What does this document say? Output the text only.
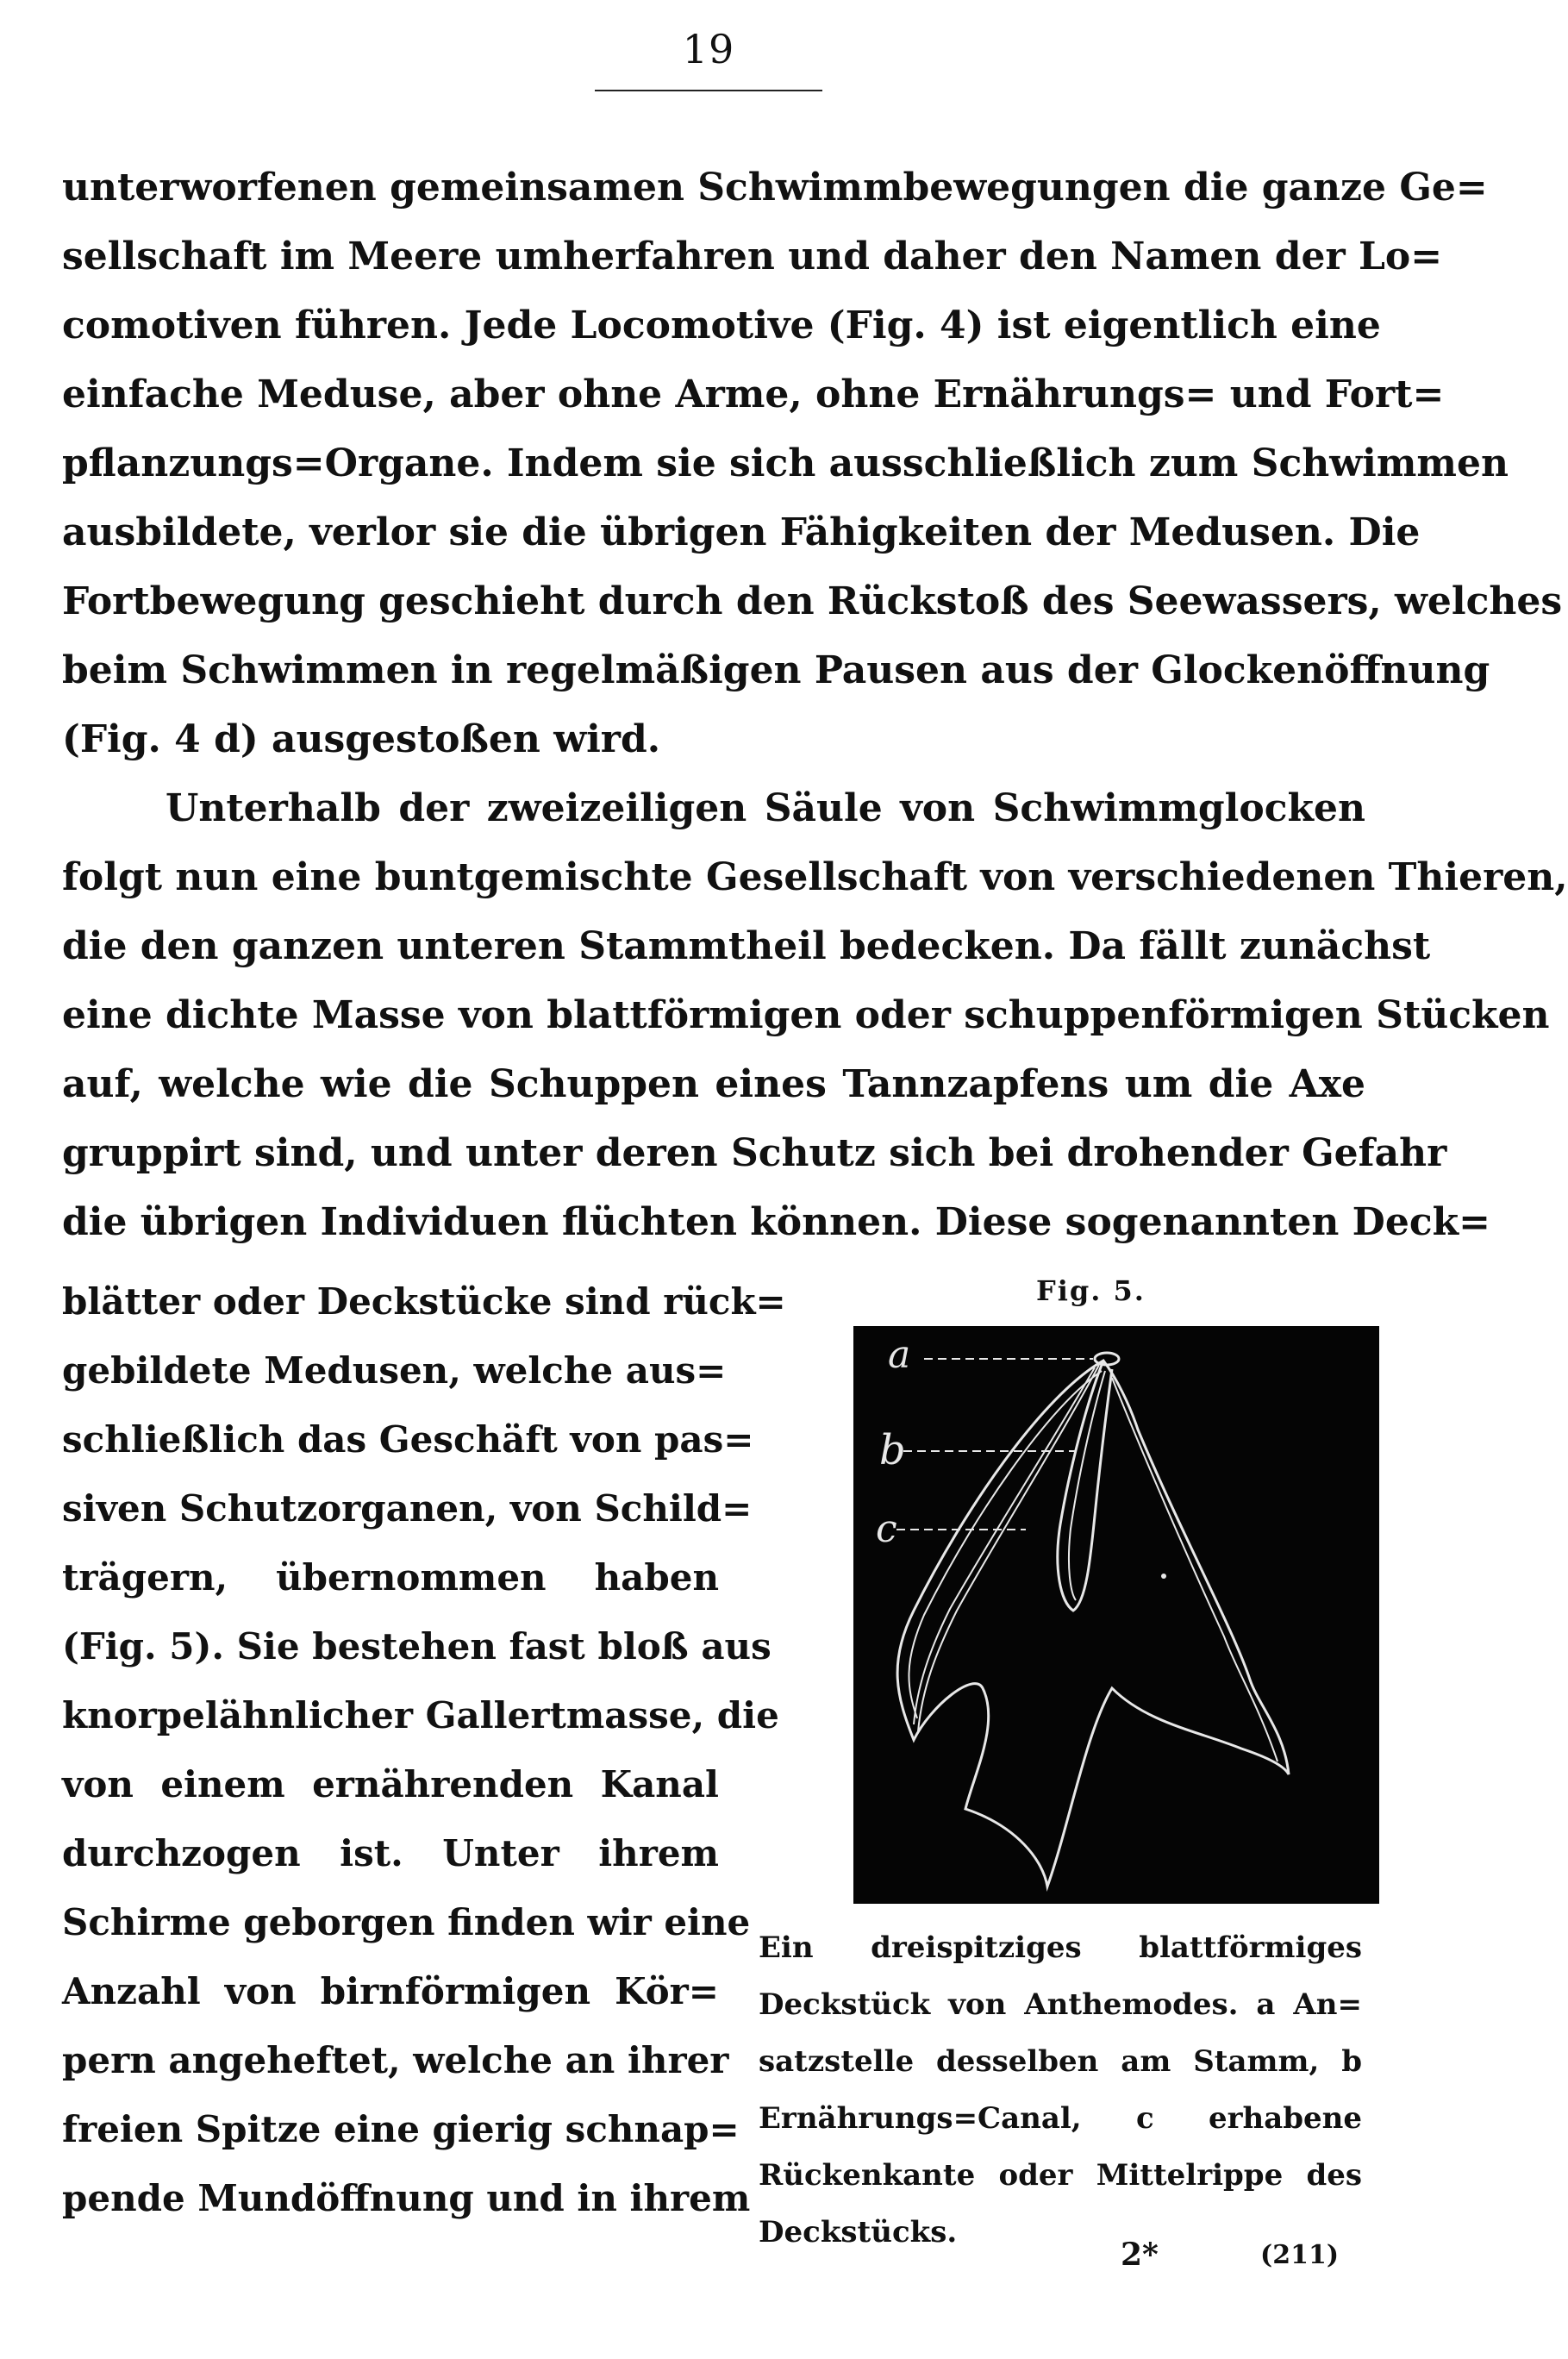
19
unterworfenen gemeinsamen Schwimmbewegungen die ganze Ge=
sellschaft im Meere umherfahren und daher den Namen der Lo=
comotiven führen. Jede Locomotive (Fig. 4) ist eigentlich eine
einfache Meduse, aber ohne Arme, ohne Ernährungs= und Fort=
pflanzungs=Organe. Indem sie sich ausschließlich zum Schwimmen
ausbildete, verlor sie die übrigen Fähigkeiten der Medusen. Die
Fortbewegung geschieht durch den Rückstoß des Seewassers, welches
beim Schwimmen in regelmäßigen Pausen aus der Glockenöffnung
(Fig. 4 d) ausgestoßen wird.
Unterhalb der zweizeiligen Säule von Schwimmglocken
folgt nun eine buntgemischte Gesellschaft von verschiedenen Thieren,
die den ganzen unteren Stammtheil bedecken. Da fällt zunächst
eine dichte Masse von blattförmigen oder schuppenförmigen Stücken
auf, welche wie die Schuppen eines Tannzapfens um die Axe
gruppirt sind, und unter deren Schutz sich bei drohender Gefahr
die übrigen Individuen flüchten können. Diese sogenannten Deck=
blätter oder Deckstücke sind rück=
gebildete Medusen, welche aus=
schließlich das Geschäft von pas=
siven Schutzorganen, von Schild=
trägern, übernommen haben
(Fig. 5). Sie bestehen fast bloß aus
knorpelähnlicher Gallertmasse, die
von einem ernährenden Kanal
durchzogen ist. Unter ihrem
Schirme geborgen finden wir eine
Anzahl von birnförmigen Kör=
pern angeheftet, welche an ihrer
freien Spitze eine gierig schnap=
pende Mundöffnung und in ihrem
Fig. 5.
a
b
c
Ein dreispitziges blattförmiges
Deckstück von Anthemodes. a An=
satzstelle desselben am Stamm, b
Ernährungs=Canal, c erhabene
Rückenkante oder Mittelrippe des
Deckstücks.
2*	(211)
